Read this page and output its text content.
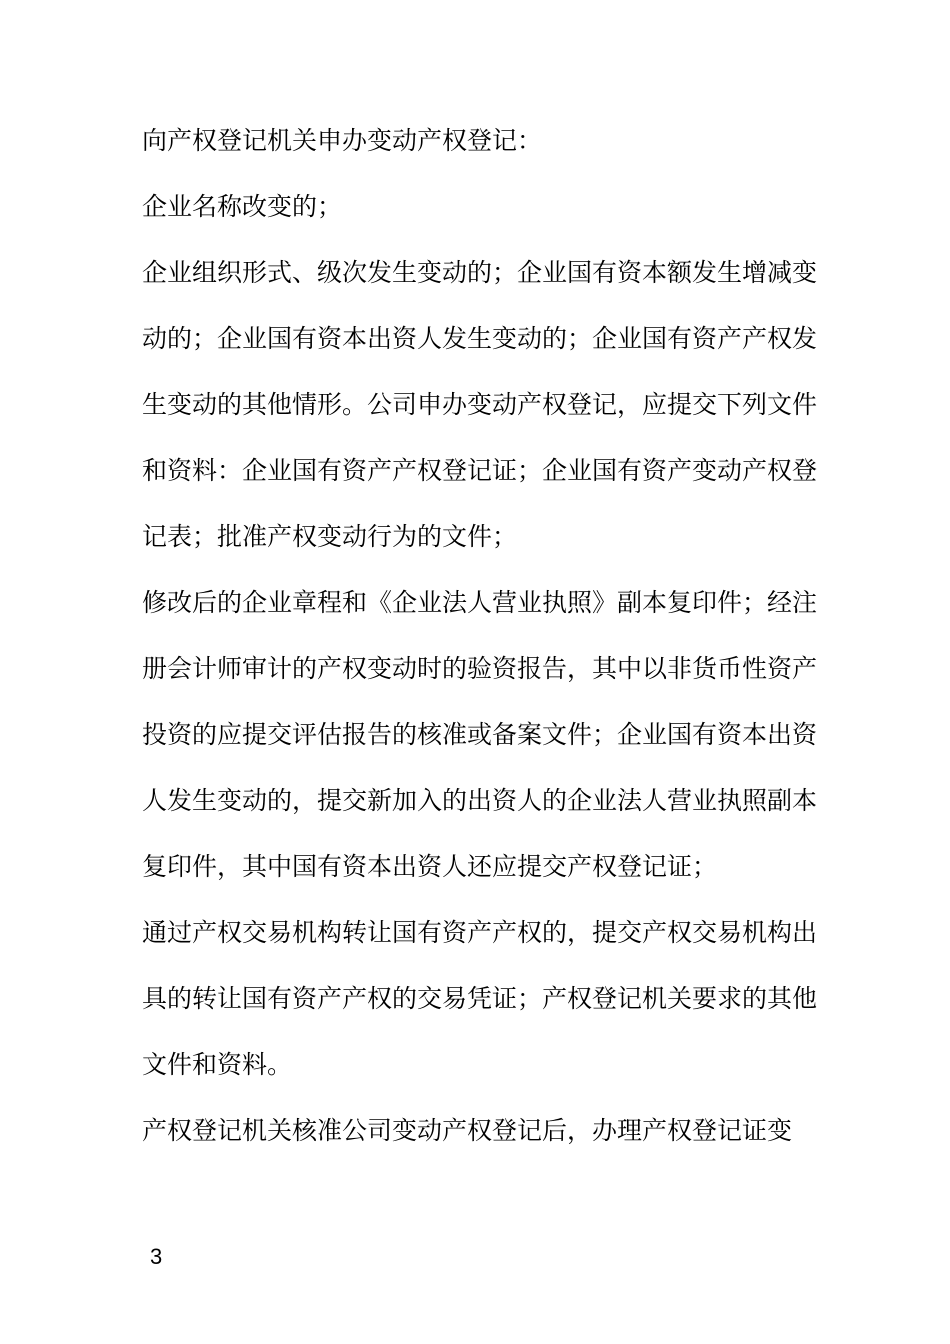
向产权登记机关申办变动产权登记：
企业名称改变的；
企业组织形式、级次发生变动的；企业国有资本额发生增减变
动的；企业国有资本出资人发生变动的；企业国有资产产权发
生变动的其他情形。公司申办变动产权登记，应提交下列文件
和资料：企业国有资产产权登记证；企业国有资产变动产权登
记表；批准产权变动行为的文件；
修改后的企业章程和《企业法人营业执照》副本复印件；经注
册会计师审计的产权变动时的验资报告，其中以非货币性资产
投资的应提交评估报告的核准或备案文件；企业国有资本出资
人发生变动的，提交新加入的出资人的企业法人营业执照副本
复印件，其中国有资本出资人还应提交产权登记证；
通过产权交易机构转让国有资产产权的，提交产权交易机构出
具的转让国有资产产权的交易凭证；产权登记机关要求的其他
文件和资料。
产权登记机关核准公司变动产权登记后，办理产权登记证变
3
